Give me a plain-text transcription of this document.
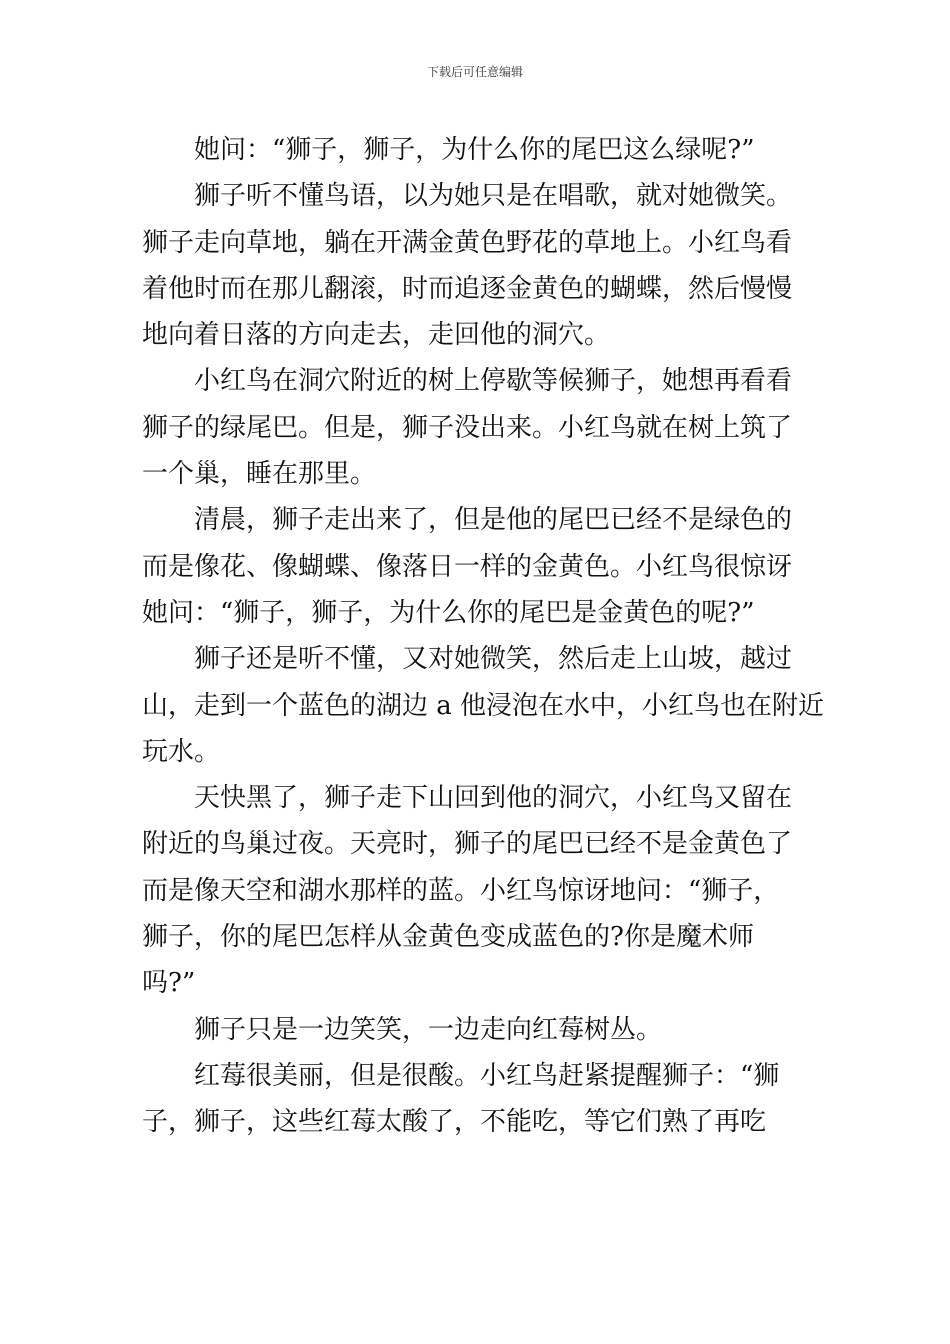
下载后可任意编辑
她问：“狮子，狮子，为什么你的尾巴这么绿呢?”
狮子听不懂鸟语，以为她只是在唱歌，就对她微笑。
狮子走向草地，躺在开满金黄色野花的草地上。小红鸟看
着他时而在那儿翻滚，时而追逐金黄色的蝴蝶，然后慢慢
地向着日落的方向走去，走回他的洞穴。
小红鸟在洞穴附近的树上停歇等候狮子，她想再看看
狮子的绿尾巴。但是，狮子没出来。小红鸟就在树上筑了
一个巢，睡在那里。
清晨，狮子走出来了，但是他的尾巴已经不是绿色的
而是像花、像蝴蝶、像落日一样的金黄色。小红鸟很惊讶
她问：“狮子，狮子，为什么你的尾巴是金黄色的呢?”
狮子还是听不懂，又对她微笑，然后走上山坡，越过
山，走到一个蓝色的湖边 a 他浸泡在水中，小红鸟也在附近
玩水。
天快黑了，狮子走下山回到他的洞穴，小红鸟又留在
附近的鸟巢过夜。天亮时，狮子的尾巴已经不是金黄色了
而是像天空和湖水那样的蓝。小红鸟惊讶地问：“狮子，
狮子，你的尾巴怎样从金黄色变成蓝色的?你是魔术师
吗?”
狮子只是一边笑笑，一边走向红莓树丛。
红莓很美丽，但是很酸。小红鸟赶紧提醒狮子：“狮
子，狮子，这些红莓太酸了，不能吃，等它们熟了再吃
